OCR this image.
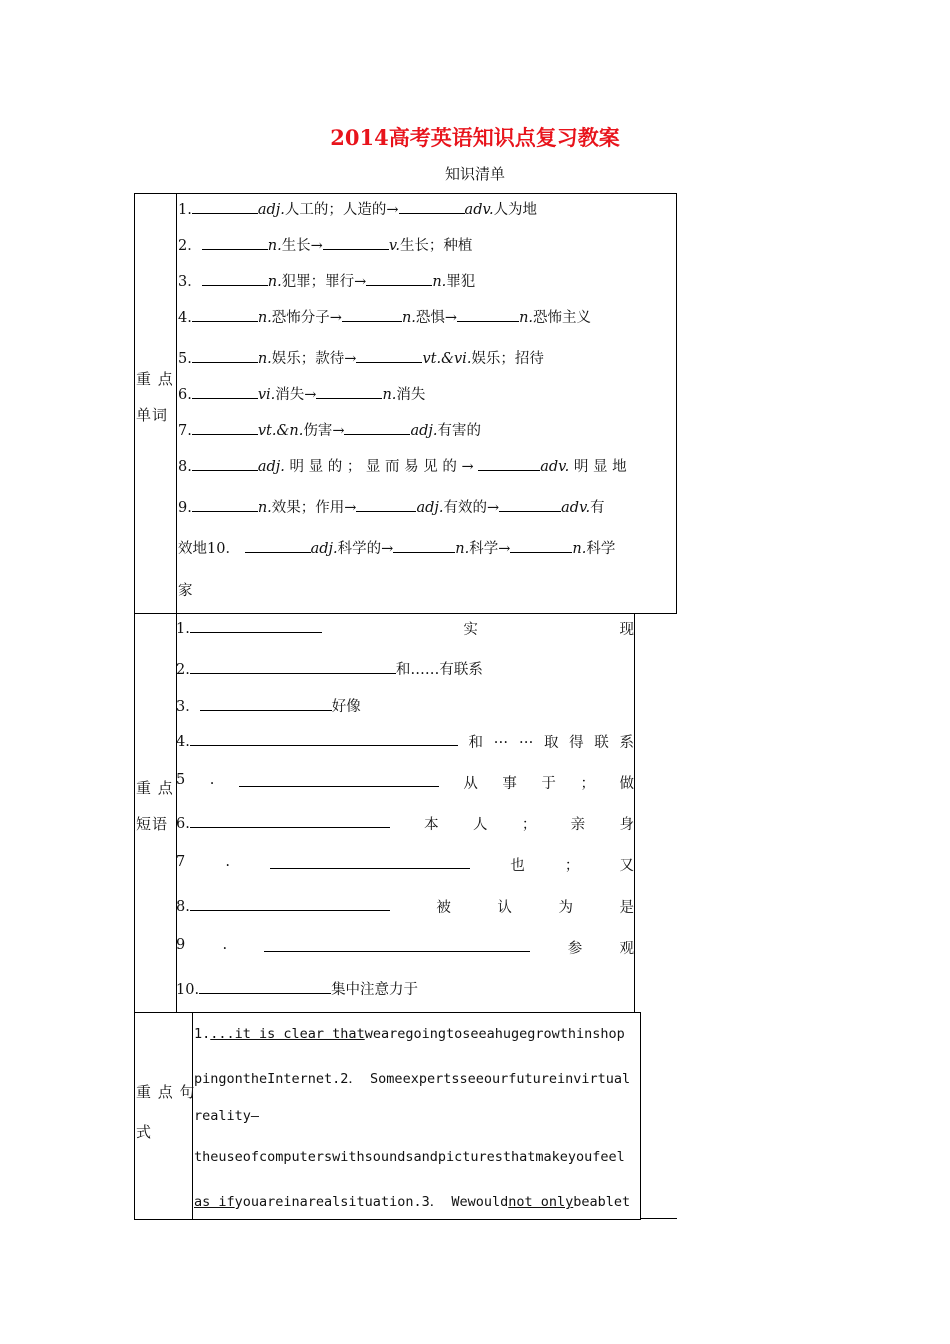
2014高考英语知识点复习教案
知识清单
重 点
单词
1.	adj.人工的；人造的→	adv.人为地
2．	n.生长→	v.生长；种植
3．	n.犯罪；罪行→	n.罪犯
4.	n.恐怖分子→	n.恐惧→	n.恐怖主义
5.	n.娱乐；款待→	vt.&vi.娱乐；招待
6.	vi.消失→	n.消失
7.	vt.&n.伤害→	adj.有害的
8.	adj. 明 显 的 ； 显 而 易 见 的 →	adv. 明 显 地
9.	n.效果；作用→	adj.有效的→	adv.有
效地10．	adj.科学的→	n.科学→	n.科学
家
重 点
短语
1.	实	现
2.	和……有联系
3．	好像
4.	和 … … 取 得 联 系
5 .	从 事 于 ； 做
6.	本 人 ； 亲 身
7	.	也	；	又
8.	被	认	为	是
9	.	参	观
10.	集中注意力于
重 点 句
式
1....it is clear thatwearegoingtoseeahugegrowthinshop
pingontheInternet.2． Someexpertsseeourfutureinvirtual
reality—
theuseofcomputerswithsoundsandpicturesthatmakeyoufeel
as ifyouareinarealsituation.3． Wewouldnot onlybeablet
